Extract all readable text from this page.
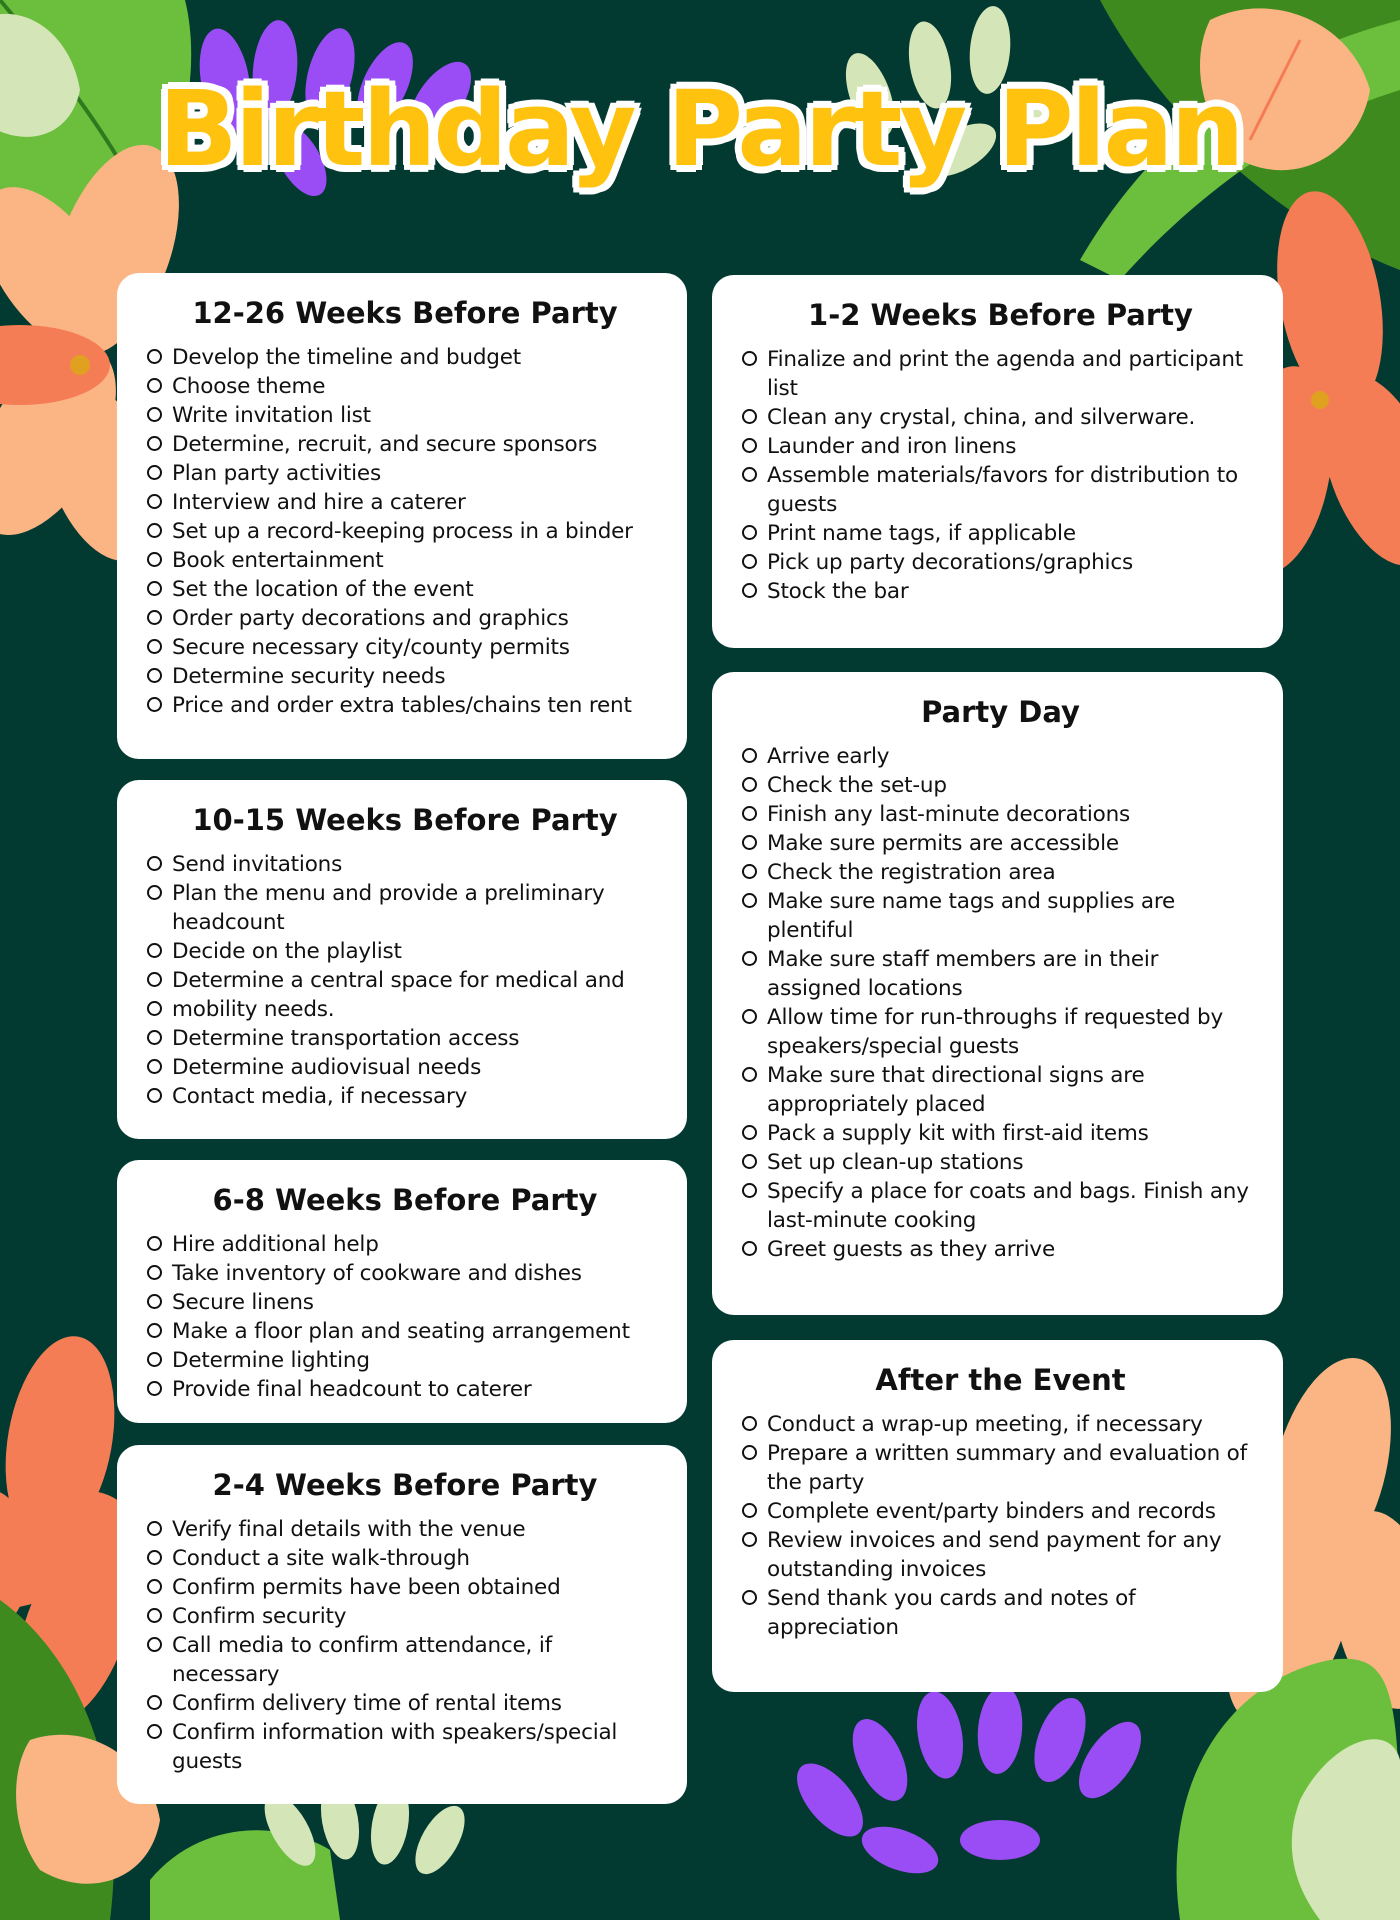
Birthday Party Plan
12-26 Weeks Before Party
Develop the timeline and budget
Choose theme
Write invitation list
Determine, recruit, and secure sponsors
Plan party activities
Interview and hire a caterer
Set up a record-keeping process in a binder
Book entertainment
Set the location of the event
Order party decorations and graphics
Secure necessary city/county permits
Determine security needs
Price and order extra tables/chains ten rent
10-15 Weeks Before Party
Send invitations
Plan the menu and provide a preliminary headcount
Decide on the playlist
Determine a central space for medical and
mobility needs.
Determine transportation access
Determine audiovisual needs
Contact media, if necessary
6-8 Weeks Before Party
Hire additional help
Take inventory of cookware and dishes
Secure linens
Make a floor plan and seating arrangement
Determine lighting
Provide final headcount to caterer
2-4 Weeks Before Party
Verify final details with the venue
Conduct a site walk-through
Confirm permits have been obtained
Confirm security
Call media to confirm attendance, if necessary
Confirm delivery time of rental items
Confirm information with speakers/special guests
1-2 Weeks Before Party
Finalize and print the agenda and participant list
Clean any crystal, china, and silverware.
Launder and iron linens
Assemble materials/favors for distribution to guests
Print name tags, if applicable
Pick up party decorations/graphics
Stock the bar
Party Day
Arrive early
Check the set-up
Finish any last-minute decorations
Make sure permits are accessible
Check the registration area
Make sure name tags and supplies are plentiful
Make sure staff members are in their assigned locations
Allow time for run-throughs if requested by speakers/special guests
Make sure that directional signs are appropriately placed
Pack a supply kit with first-aid items
Set up clean-up stations
Specify a place for coats and bags. Finish any last-minute cooking
Greet guests as they arrive
After the Event
Conduct a wrap-up meeting, if necessary
Prepare a written summary and evaluation of the party
Complete event/party binders and records
Review invoices and send payment for any outstanding invoices
Send thank you cards and notes of appreciation
